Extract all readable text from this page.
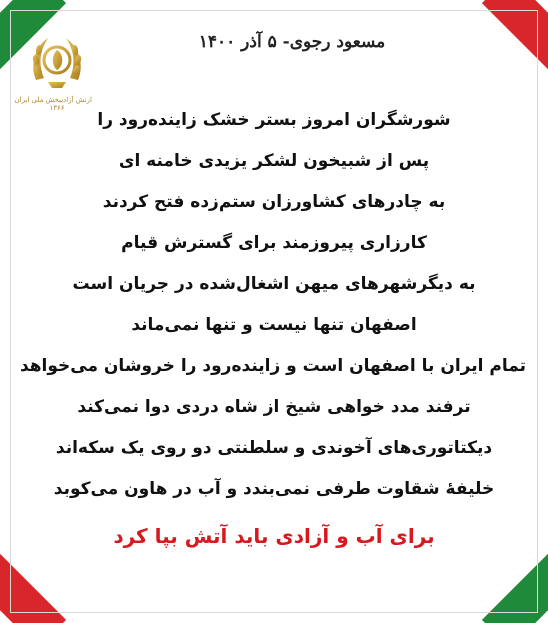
ارتش آزادیبخش ملی ایران
۱۳۶۶
مسعود رجوی- ۵ آذر ۱۴۰۰
شورشگران امروز بستر خشک زاینده‌رود را
پس از شبیخون لشکر یزیدی خامنه ای
به چادرهای کشاورزان ستم‌زده فتح کردند
کارزاری پیروزمند برای گسترش قیام
به دیگرشهرهای میهن اشغال‌شده در جریان است
اصفهان تنها نیست و تنها نمی‌ماند
تمام ایران با اصفهان است و زاینده‌رود را خروشان می‌خواهد
ترفند مدد خواهی شیخ از شاه دردی دوا نمی‌کند
دیکتاتوری‌های آخوندی و سلطنتی دو روی یک سکه‌اند
خلیفهٔ شقاوت طرفی نمی‌بندد و آب در هاون می‌کوبد
برای آب و آزادی باید آتش بپا کرد
